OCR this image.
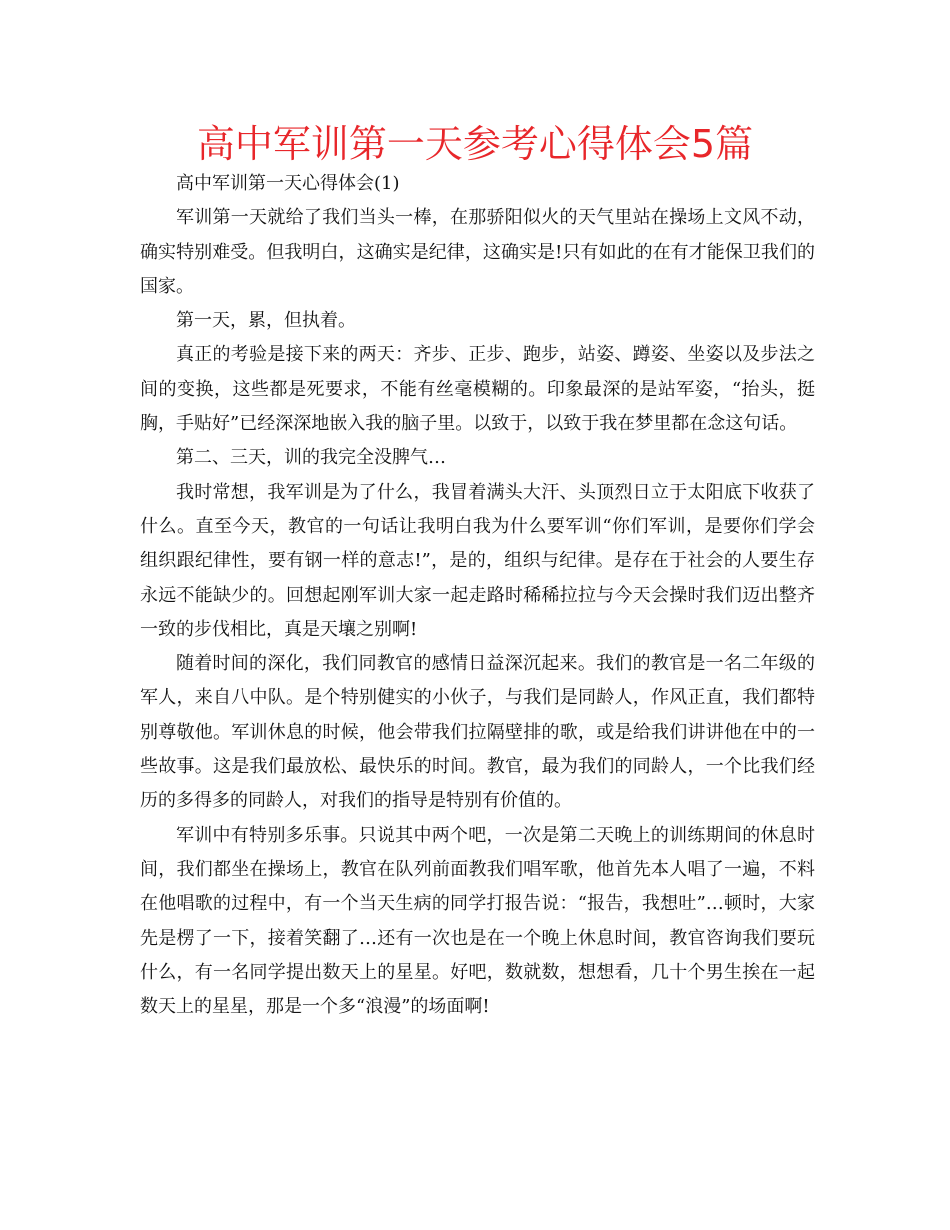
高中军训第一天参考心得体会5篇

高中军训第一天心得体会(1)

军训第一天就给了我们当头一棒，在那骄阳似火的天气里站在操场上文风不动，确实特别难受。但我明白，这确实是纪律，这确实是!只有如此的在有才能保卫我们的国家。

第一天，累，但执着。

真正的考验是接下来的两天：齐步、正步、跑步，站姿、蹲姿、坐姿以及步法之间的变换，这些都是死要求，不能有丝毫模糊的。印象最深的是站军姿，“抬头，挺胸，手贴好”已经深深地嵌入我的脑子里。以致于，以致于我在梦里都在念这句话。

第二、三天，训的我完全没脾气…

我时常想，我军训是为了什么，我冒着满头大汗、头顶烈日立于太阳底下收获了什么。直至今天，教官的一句话让我明白我为什么要军训“你们军训，是要你们学会组织跟纪律性，要有钢一样的意志!”，是的，组织与纪律。是存在于社会的人要生存永远不能缺少的。回想起刚军训大家一起走路时稀稀拉拉与今天会操时我们迈出整齐一致的步伐相比，真是天壤之别啊!

随着时间的深化，我们同教官的感情日益深沉起来。我们的教官是一名二年级的军人，来自八中队。是个特别健实的小伙子，与我们是同龄人，作风正直，我们都特别尊敬他。军训休息的时候，他会带我们拉隔壁排的歌，或是给我们讲讲他在中的一些故事。这是我们最放松、最快乐的时间。教官，最为我们的同龄人，一个比我们经历的多得多的同龄人，对我们的指导是特别有价值的。

军训中有特别多乐事。只说其中两个吧，一次是第二天晚上的训练期间的休息时间，我们都坐在操场上，教官在队列前面教我们唱军歌，他首先本人唱了一遍，不料在他唱歌的过程中，有一个当天生病的同学打报告说：“报告，我想吐”…顿时，大家先是楞了一下，接着笑翻了…还有一次也是在一个晚上休息时间，教官咨询我们要玩什么，有一名同学提出数天上的星星。好吧，数就数，想想看，几十个男生挨在一起数天上的星星，那是一个多“浪漫”的场面啊!
